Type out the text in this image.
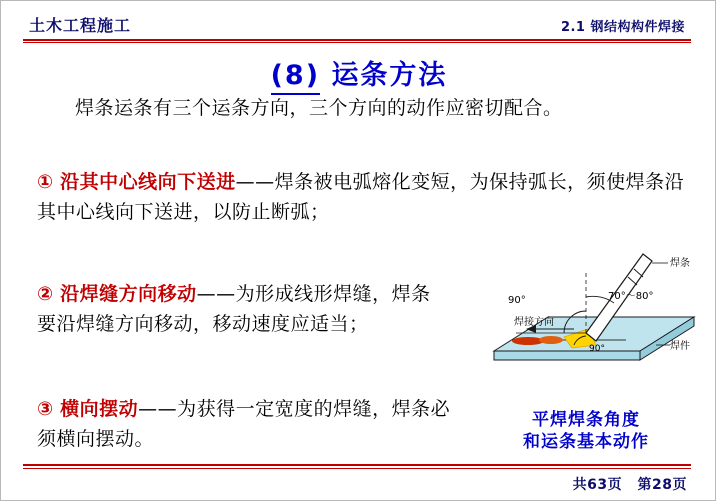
土木工程施工	2.1 钢结构构件焊接
(8) 运条方法

焊条运条有三个运条方向，三个方向的动作应密切配合。

① 沿其中心线向下送进——焊条被电弧熔化变短，为保持弧长，须使焊条沿其中心线向下送进，以防止断弧；
② 沿焊缝方向移动——为形成线形焊缝，焊条要沿焊缝方向移动，移动速度应适当；
③ 横向摆动——为获得一定宽度的焊缝，焊条必须横向摆动。
90°	70°～80°
90°
焊条
焊接方向
焊件
平焊焊条角度
和运条基本动作
共63页 第28页
